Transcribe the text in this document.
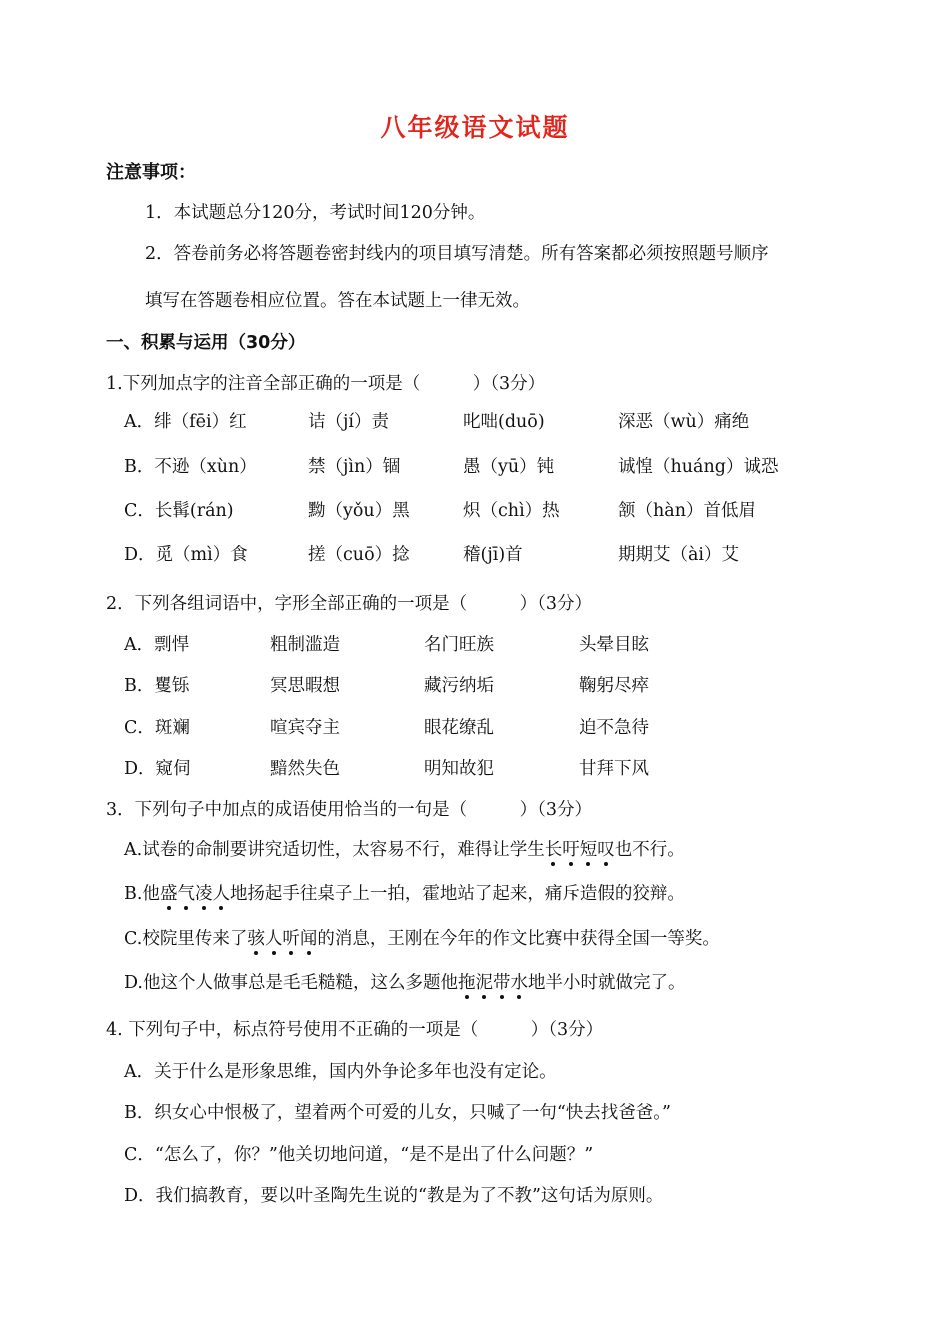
八年级语文试题
注意事项：
1．本试题总分120分，考试时间120分钟。
2．答卷前务必将答题卷密封线内的项目填写清楚。所有答案都必须按照题号顺序
填写在答题卷相应位置。答在本试题上一律无效。
一、积累与运用（30分）
1.下列加点字的注音全部正确的一项是（　　　）（3分）
A．绯（fēi）红	诘（jí）责	叱咄(duō)	深恶（wù）痛绝
B．不逊（xùn）	禁（jìn）锢	愚（yū）钝	诚惶（huáng）诚恐
C．长髯(rán)	黝（yǒu）黑	炽（chì）热	颔（hàn）首低眉
D．觅（mì）食	搓（cuō）捻	稽(jī)首	期期艾（ài）艾
2．下列各组词语中，字形全部正确的一项是（　　　）（3分）
A．剽悍	粗制滥造	名门旺族	头晕目眩
B．矍铄	冥思暇想	藏污纳垢	鞠躬尽瘁
C．斑斓	喧宾夺主	眼花缭乱	迫不急待
D．窥伺	黯然失色	明知故犯	甘拜下风
3．下列句子中加点的成语使用恰当的一句是（　　　）（3分）
A.试卷的命制要讲究适切性，太容易不行，难得让学生长吁短叹也不行。
B.他盛气凌人地扬起手往桌子上一拍，霍地站了起来，痛斥造假的狡辩。
C.校院里传来了骇人听闻的消息，王刚在今年的作文比赛中获得全国一等奖。
D.他这个人做事总是毛毛糙糙，这么多题他拖泥带水地半小时就做完了。
4. 下列句子中，标点符号使用不正确的一项是（　　　）（3分）
A．关于什么是形象思维，国内外争论多年也没有定论。
B．织女心中恨极了，望着两个可爱的儿女，只喊了一句“快去找爸爸。”
C．“怎么了，你？”他关切地问道，“是不是出了什么问题？”
D．我们搞教育，要以叶圣陶先生说的“教是为了不教”这句话为原则。
